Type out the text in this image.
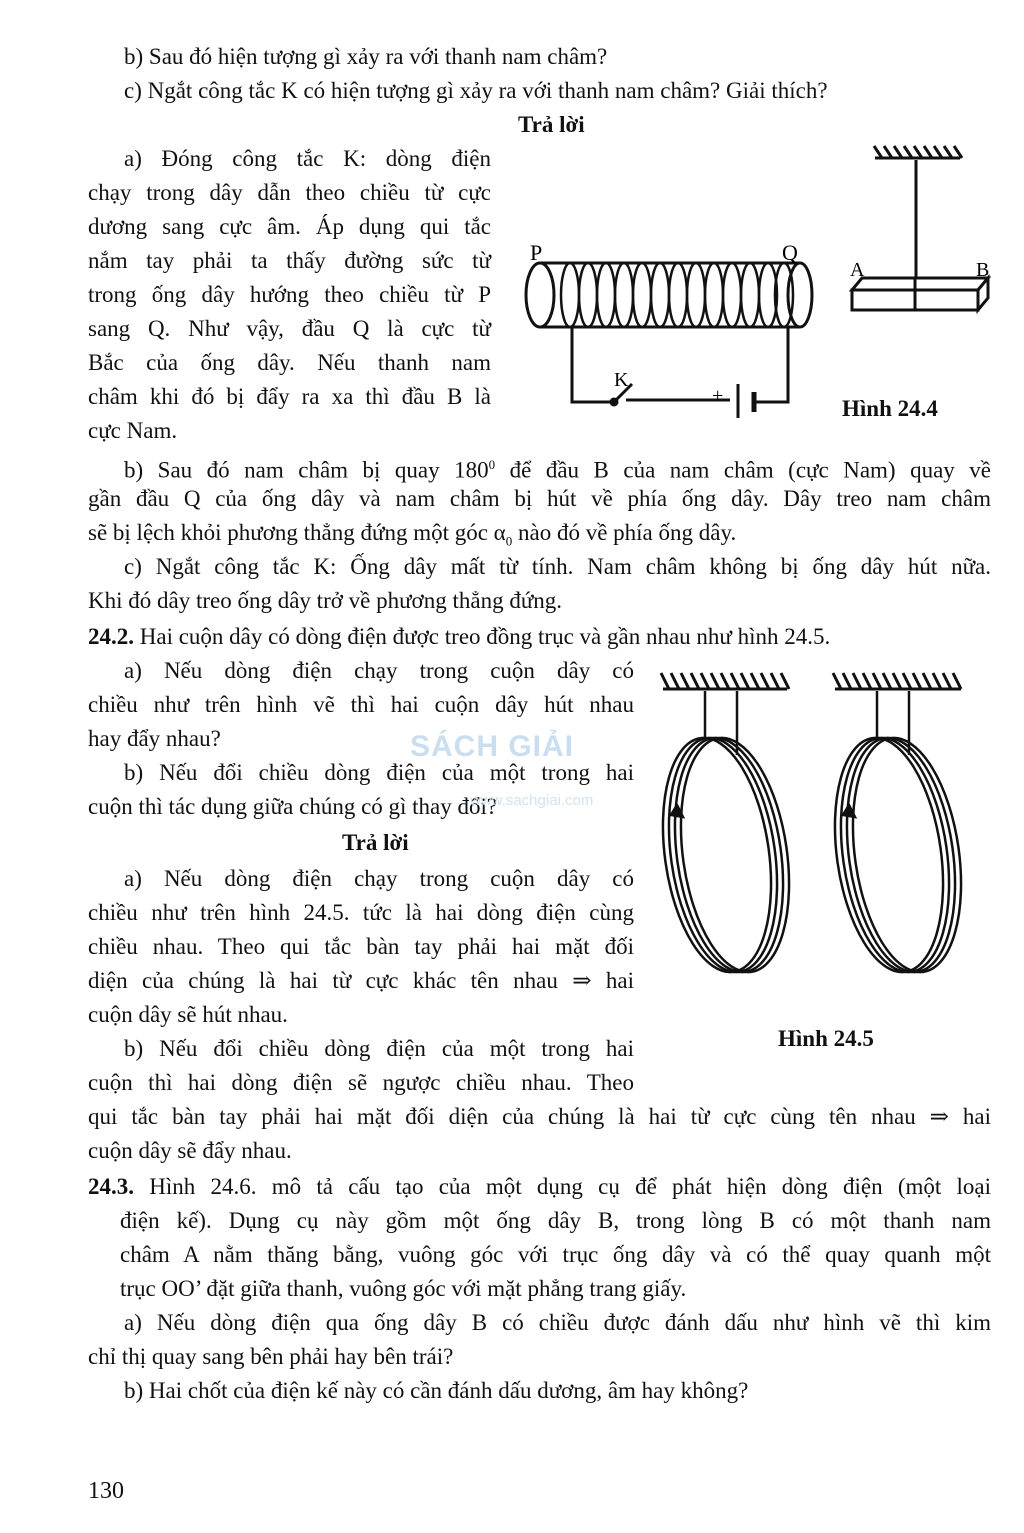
b) Sau đó hiện tượng gì xảy ra với thanh nam châm?
c) Ngắt công tắc K có hiện tượng gì xảy ra với thanh nam châm? Giải thích?
Trả lời
a) Đóng công tắc K: dòng điện
chạy trong dây dẫn theo chiều từ cực
dương sang cực âm. Áp dụng qui tắc
nắm tay phải ta thấy đường sức từ
trong ống dây hướng theo chiều từ P
sang Q. Như vậy, đầu Q là cực từ
Bắc của ống dây. Nếu thanh nam
châm khi đó bị đẩy ra xa thì đầu B là
cực Nam.
P	Q
K
+
A	B
Hình 24.4
b) Sau đó nam châm bị quay $180^0$ để đầu B của nam châm (cực Nam) quay về
gần đầu Q của ống dây và nam châm bị hút về phía ống dây. Dây treo nam châm
sẽ bị lệch khỏi phương thẳng đứng một góc $\alpha_0$ nào đó về phía ống dây.
c) Ngắt công tắc K: Ống dây mất từ tính. Nam châm không bị ống dây hút nữa.
Khi đó dây treo ống dây trở về phương thẳng đứng.
24.2. Hai cuộn dây có dòng điện được treo đồng trục và gần nhau như hình 24.5.
a) Nếu dòng điện chạy trong cuộn dây có
chiều như trên hình vẽ thì hai cuộn dây hút nhau
hay đẩy nhau?
b) Nếu đổi chiều dòng điện của một trong hai
cuộn thì tác dụng giữa chúng có gì thay đổi?
Trả lời
a) Nếu dòng điện chạy trong cuộn dây có
chiều như trên hình 24.5. tức là hai dòng điện cùng
chiều nhau. Theo qui tắc bàn tay phải hai mặt đối
diện của chúng là hai từ cực khác tên nhau ⇒ hai
cuộn dây sẽ hút nhau.
b) Nếu đổi chiều dòng điện của một trong hai
cuộn thì hai dòng điện sẽ ngược chiều nhau. Theo
qui tắc bàn tay phải hai mặt đối diện của chúng là hai từ cực cùng tên nhau ⇒ hai
cuộn dây sẽ đẩy nhau.
Hình 24.5
24.3. Hình 24.6. mô tả cấu tạo của một dụng cụ để phát hiện dòng điện (một loại
điện kế). Dụng cụ này gồm một ống dây B, trong lòng B có một thanh nam
châm A nằm thăng bằng, vuông góc với trục ống dây và có thể quay quanh một
trục OO’ đặt giữa thanh, vuông góc với mặt phẳng trang giấy.
a) Nếu dòng điện qua ống dây B có chiều được đánh dấu như hình vẽ thì kim
chỉ thị quay sang bên phải hay bên trái?
b) Hai chốt của điện kế này có cần đánh dấu dương, âm hay không?
SÁCH GIẢI
www.sachgiai.com
130
